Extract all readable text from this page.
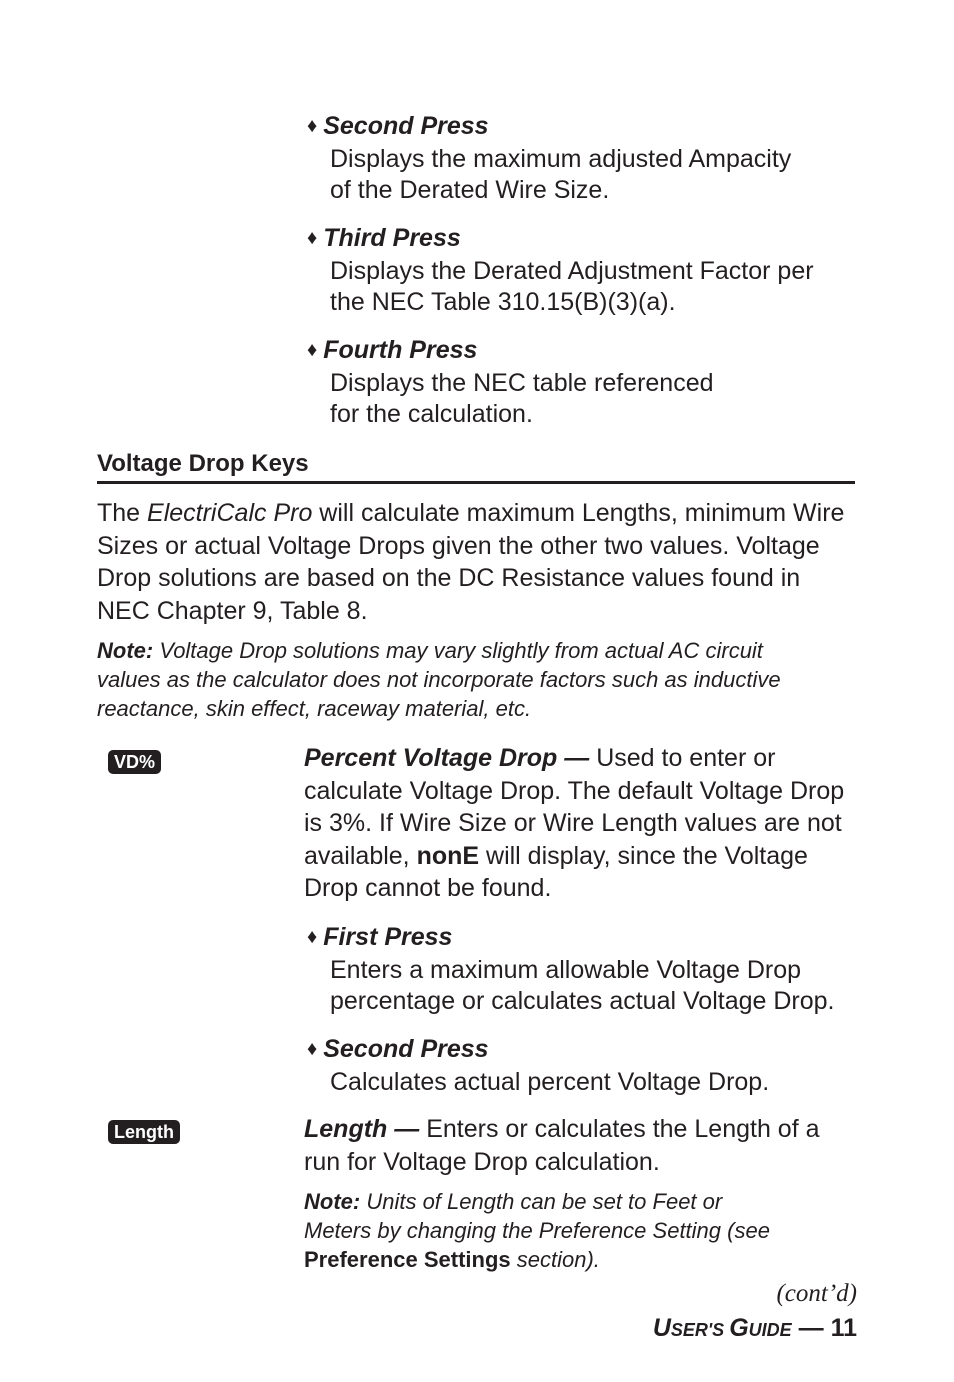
♦ Second Press
Displays the maximum adjusted Ampacity
of the Derated Wire Size.
♦ Third Press
Displays the Derated Adjustment Factor per
the NEC Table 310.15(B)(3)(a).
♦ Fourth Press
Displays the NEC table referenced
for the calculation.
Voltage Drop Keys
The ElectriCalc Pro will calculate maximum Lengths, minimum Wire
Sizes or actual Voltage Drops given the other two values. Voltage
Drop solutions are based on the DC Resistance values found in
NEC Chapter 9, Table 8.
Note: Voltage Drop solutions may vary slightly from actual AC circuit
values as the calculator does not incorporate factors such as inductive
reactance, skin effect, raceway material, etc.
VD%	Percent Voltage Drop — Used to enter or
calculate Voltage Drop. The default Voltage Drop
is 3%. If Wire Size or Wire Length values are not
available, nonE will display, since the Voltage
Drop cannot be found.
♦ First Press
Enters a maximum allowable Voltage Drop
percentage or calculates actual Voltage Drop.
♦ Second Press
Calculates actual percent Voltage Drop.
Length	Length — Enters or calculates the Length of a
run for Voltage Drop calculation.
Note: Units of Length can be set to Feet or
Meters by changing the Preference Setting (see
Preference Settings section).
(cont’d)
USER'S GUIDE — 11
